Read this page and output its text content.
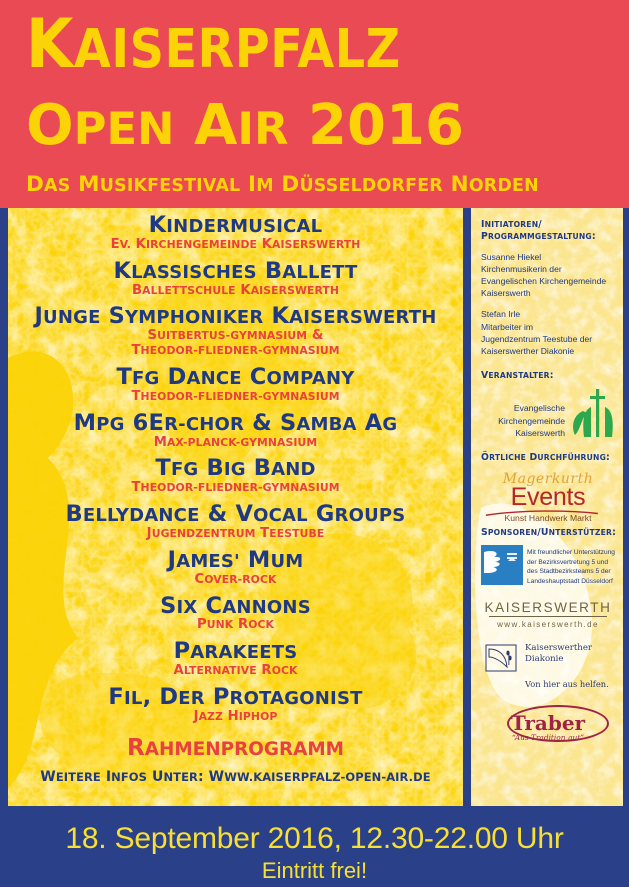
KAISERPFALZ
OPEN AIR 2016
DAS MUSIKFESTIVAL IM DÜSSELDORFER NORDEN
KINDERMUSICAL
EV. KIRCHENGEMEINDE KAISERSWERTH
KLASSISCHES BALLETT
BALLETTSCHULE KAISERSWERTH
JUNGE SYMPHONIKER KAISERSWERTH
SUITBERTUS-GYMNASIUM &
THEODOR-FLIEDNER-GYMNASIUM
TFG DANCE COMPANY
THEODOR-FLIEDNER-GYMNASIUM
MPG 6ER-CHOR & SAMBA AG
MAX-PLANCK-GYMNASIUM
TFG BIG BAND
THEODOR-FLIEDNER-GYMNASIUM
BELLYDANCE & VOCAL GROUPS
JUGENDZENTRUM TEESTUBE
JAMES' MUM
COVER-ROCK
SIX CANNONS
PUNK ROCK
PARAKEETS
ALTERNATIVE ROCK
FIL, DER PROTAGONIST
JAZZ HIPHOP
RAHMENPROGRAMM
WEITERE INFOS UNTER: WWW.KAISERPFALZ-OPEN-AIR.DE
INITIATOREN/
PROGRAMMGESTALTUNG:
Susanne Hiekel
Kirchenmusikerin der
Evangelischen Kirchengemeinde
Kaiserswerth
Stefan Irle
Mitarbeiter im
Jugendzentrum Teestube der
Kaiserswerther Diakonie
VERANSTALTER:
Evangelische
Kirchengemeinde
Kaiserswerth
ÖRTLICHE DURCHFÜHRUNG:
Magerkurth
Events
Kunst Handwerk Markt
SPONSOREN/UNTERSTÜTZER:
Mit freundlicher Unterstützung
der Bezirksvertretung 5 und
des Stadtbezirksteams 5 der
Landeshauptstadt Düsseldorf
KAISERSWERTH
www.kaiserswerth.de
Kaiserswerther
Diakonie
Von hier aus helfen.
Traber
“Aus Tradition gut”
18. September 2016, 12.30-22.00 Uhr
Eintritt frei!
